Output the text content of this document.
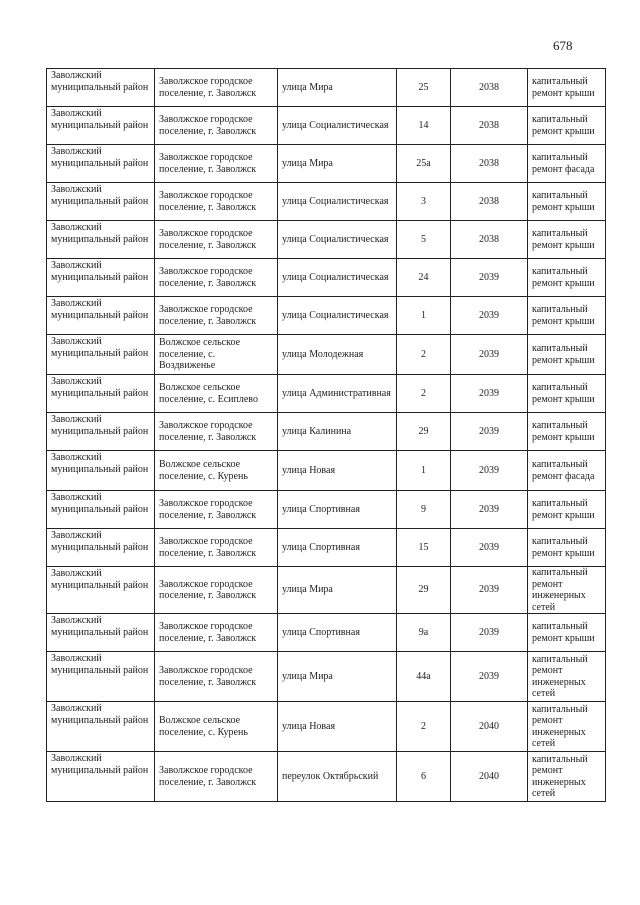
678
Заволжский муниципальный район	Заволжское городское поселение, г. Заволжск	улица Мира	25	2038	капитальный ремонт крыши
Заволжский муниципальный район	Заволжское городское поселение, г. Заволжск	улица Социалистическая	14	2038	капитальный ремонт крыши
Заволжский муниципальный район	Заволжское городское поселение, г. Заволжск	улица Мира	25а	2038	капитальный ремонт фасада
Заволжский муниципальный район	Заволжское городское поселение, г. Заволжск	улица Социалистическая	3	2038	капитальный ремонт крыши
Заволжский муниципальный район	Заволжское городское поселение, г. Заволжск	улица Социалистическая	5	2038	капитальный ремонт крыши
Заволжский муниципальный район	Заволжское городское поселение, г. Заволжск	улица Социалистическая	24	2039	капитальный ремонт крыши
Заволжский муниципальный район	Заволжское городское поселение, г. Заволжск	улица Социалистическая	1	2039	капитальный ремонт крыши
Заволжский муниципальный район	Волжское сельское поселение, с. Воздвиженье	улица Молодежная	2	2039	капитальный ремонт крыши
Заволжский муниципальный район	Волжское сельское поселение, с. Есиплево	улица Административная	2	2039	капитальный ремонт крыши
Заволжский муниципальный район	Заволжское городское поселение, г. Заволжск	улица Калинина	29	2039	капитальный ремонт крыши
Заволжский муниципальный район	Волжское сельское поселение, с. Курень	улица Новая	1	2039	капитальный ремонт фасада
Заволжский муниципальный район	Заволжское городское поселение, г. Заволжск	улица Спортивная	9	2039	капитальный ремонт крыши
Заволжский муниципальный район	Заволжское городское поселение, г. Заволжск	улица Спортивная	15	2039	капитальный ремонт крыши
Заволжский муниципальный район	Заволжское городское поселение, г. Заволжск	улица Мира	29	2039	капитальный ремонт инженерных сетей
Заволжский муниципальный район	Заволжское городское поселение, г. Заволжск	улица Спортивная	9а	2039	капитальный ремонт крыши
Заволжский муниципальный район	Заволжское городское поселение, г. Заволжск	улица Мира	44а	2039	капитальный ремонт инженерных сетей
Заволжский муниципальный район	Волжское сельское поселение, с. Курень	улица Новая	2	2040	капитальный ремонт инженерных сетей
Заволжский муниципальный район	Заволжское городское поселение, г. Заволжск	переулок Октябрьский	6	2040	капитальный ремонт инженерных сетей
